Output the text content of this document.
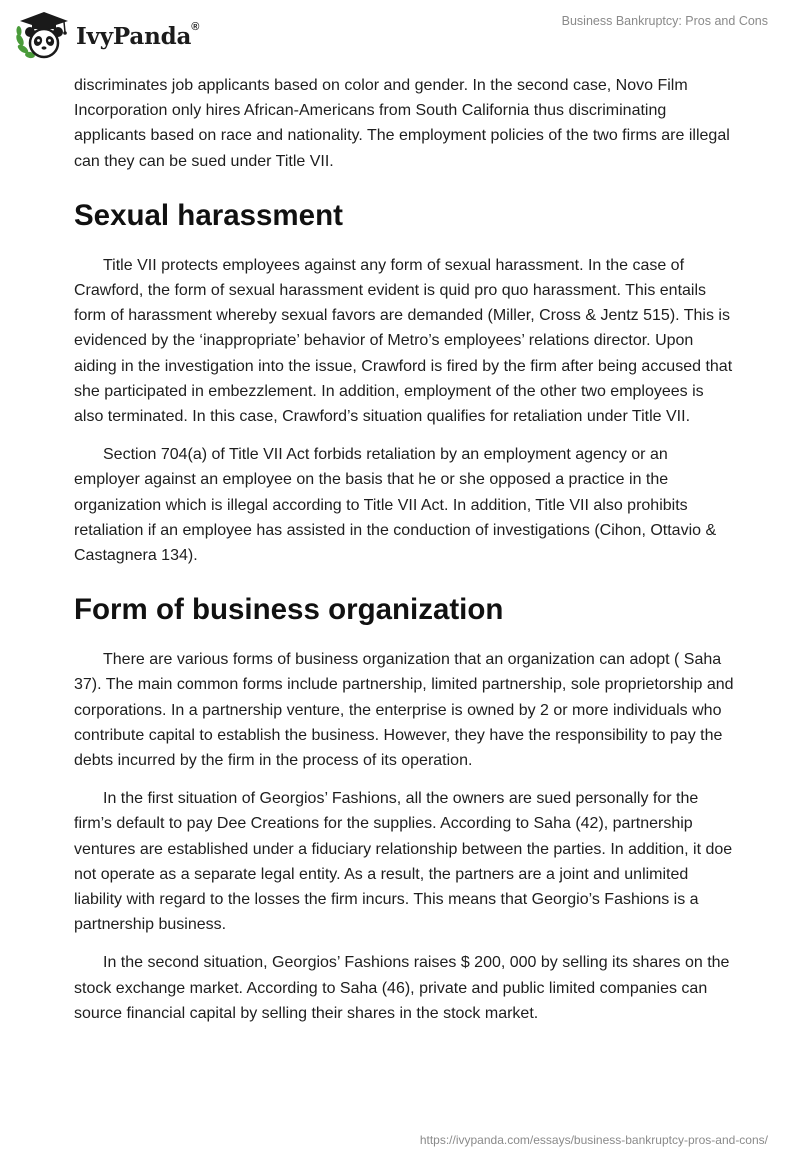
IvyPanda®	Business Bankruptcy: Pros and Cons

discriminates job applicants based on color and gender. In the second case, Novo Film Incorporation only hires African-Americans from South California thus discriminating applicants based on race and nationality. The employment policies of the two firms are illegal can they can be sued under Title VII.

Sexual harassment

Title VII protects employees against any form of sexual harassment. In the case of Crawford, the form of sexual harassment evident is quid pro quo harassment. This entails form of harassment whereby sexual favors are demanded (Miller, Cross & Jentz 515). This is evidenced by the ‘inappropriate’ behavior of Metro’s employees’ relations director. Upon aiding in the investigation into the issue, Crawford is fired by the firm after being accused that she participated in embezzlement. In addition, employment of the other two employees is also terminated. In this case, Crawford’s situation qualifies for retaliation under Title VII.

Section 704(a) of Title VII Act forbids retaliation by an employment agency or an employer against an employee on the basis that he or she opposed a practice in the organization which is illegal according to Title VII Act. In addition, Title VII also prohibits retaliation if an employee has assisted in the conduction of investigations (Cihon, Ottavio & Castagnera 134).

Form of business organization

There are various forms of business organization that an organization can adopt ( Saha 37). The main common forms include partnership, limited partnership, sole proprietorship and corporations. In a partnership venture, the enterprise is owned by 2 or more individuals who contribute capital to establish the business. However, they have the responsibility to pay the debts incurred by the firm in the process of its operation.

In the first situation of Georgios’ Fashions, all the owners are sued personally for the firm’s default to pay Dee Creations for the supplies. According to Saha (42), partnership ventures are established under a fiduciary relationship between the parties. In addition, it doe not operate as a separate legal entity. As a result, the partners are a joint and unlimited liability with regard to the losses the firm incurs. This means that Georgio’s Fashions is a partnership business.

In the second situation, Georgios’ Fashions raises $ 200, 000 by selling its shares on the stock exchange market. According to Saha (46), private and public limited companies can source financial capital by selling their shares in the stock market.

https://ivypanda.com/essays/business-bankruptcy-pros-and-cons/
